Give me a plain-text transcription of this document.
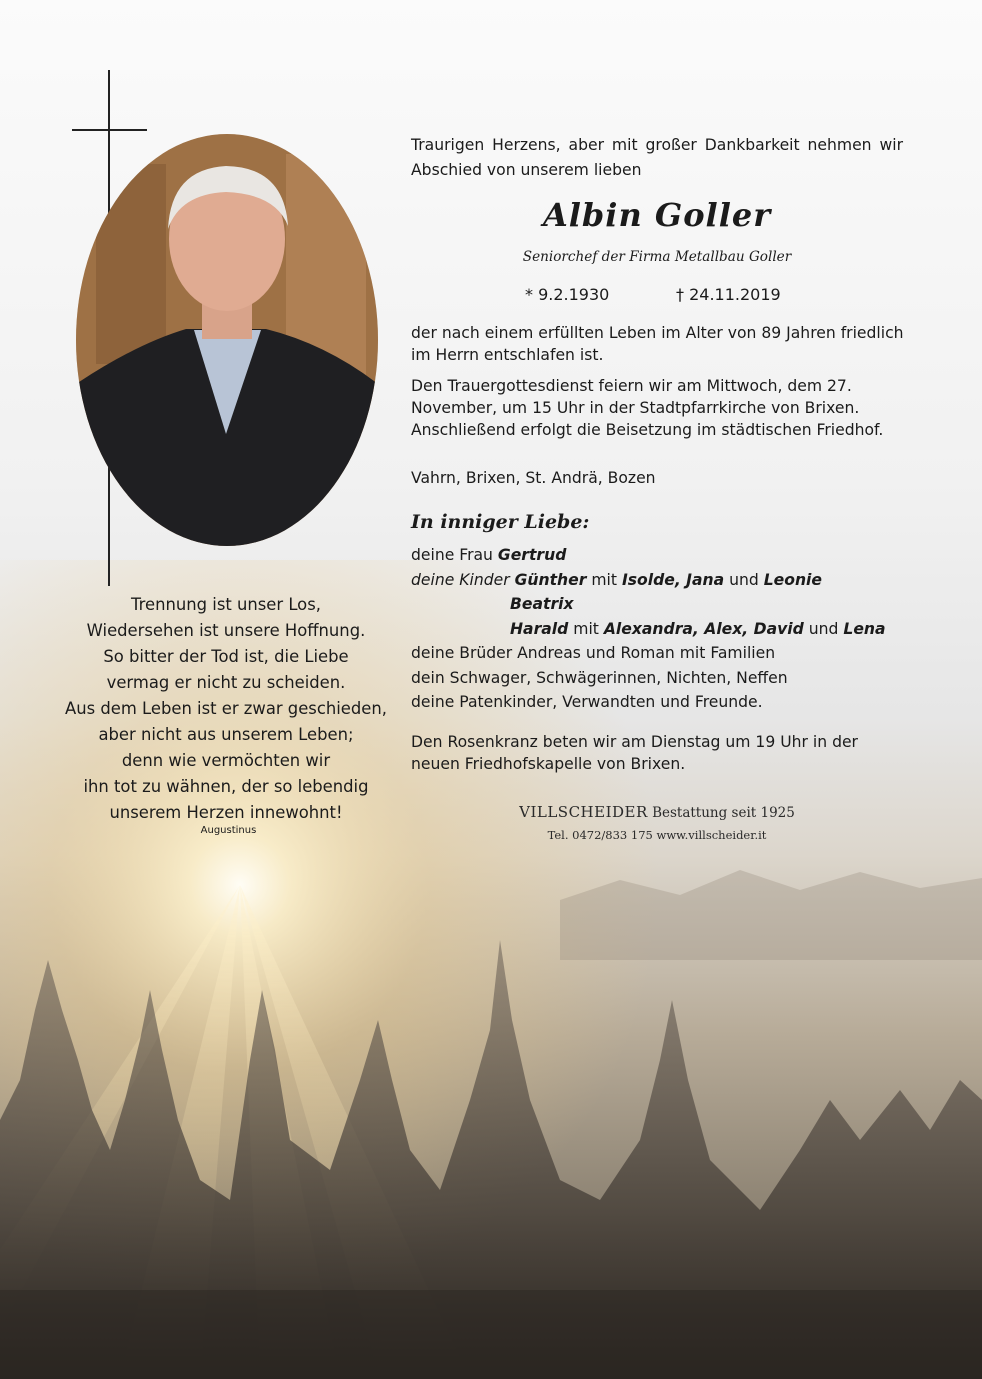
Traurigen Herzens, aber mit großer Dankbarkeit nehmen wir Abschied von unserem lieben
Albin Goller
Seniorchef der Firma Metallbau Goller
* 9.2.1930	† 24.11.2019
der nach einem erfüllten Leben im Alter von 89 Jahren friedlich im Herrn entschlafen ist.
Den Trauergottesdienst feiern wir am Mittwoch, dem 27. November, um 15 Uhr in der Stadtpfarrkirche von Brixen. Anschließend erfolgt die Beisetzung im städtischen Friedhof.
Vahrn, Brixen, St. Andrä, Bozen
In inniger Liebe:
deine Frau Gertrud
deine Kinder Günther mit Isolde, Jana und Leonie
Beatrix
Harald mit Alexandra, Alex, David und Lena
deine Brüder Andreas und Roman mit Familien
dein Schwager, Schwägerinnen, Nichten, Neffen
deine Patenkinder, Verwandten und Freunde.
Den Rosenkranz beten wir am Dienstag um 19 Uhr in der neuen Friedhofskapelle von Brixen.
Trennung ist unser Los,
Wiedersehen ist unsere Hoffnung.
So bitter der Tod ist, die Liebe
vermag er nicht zu scheiden.
Aus dem Leben ist er zwar geschieden,
aber nicht aus unserem Leben;
denn wie vermöchten wir
ihn tot zu wähnen, der so lebendig
unserem Herzen innewohnt!
Augustinus
VILLSCHEIDER Bestattung seit 1925
Tel. 0472/833 175 www.villscheider.it
